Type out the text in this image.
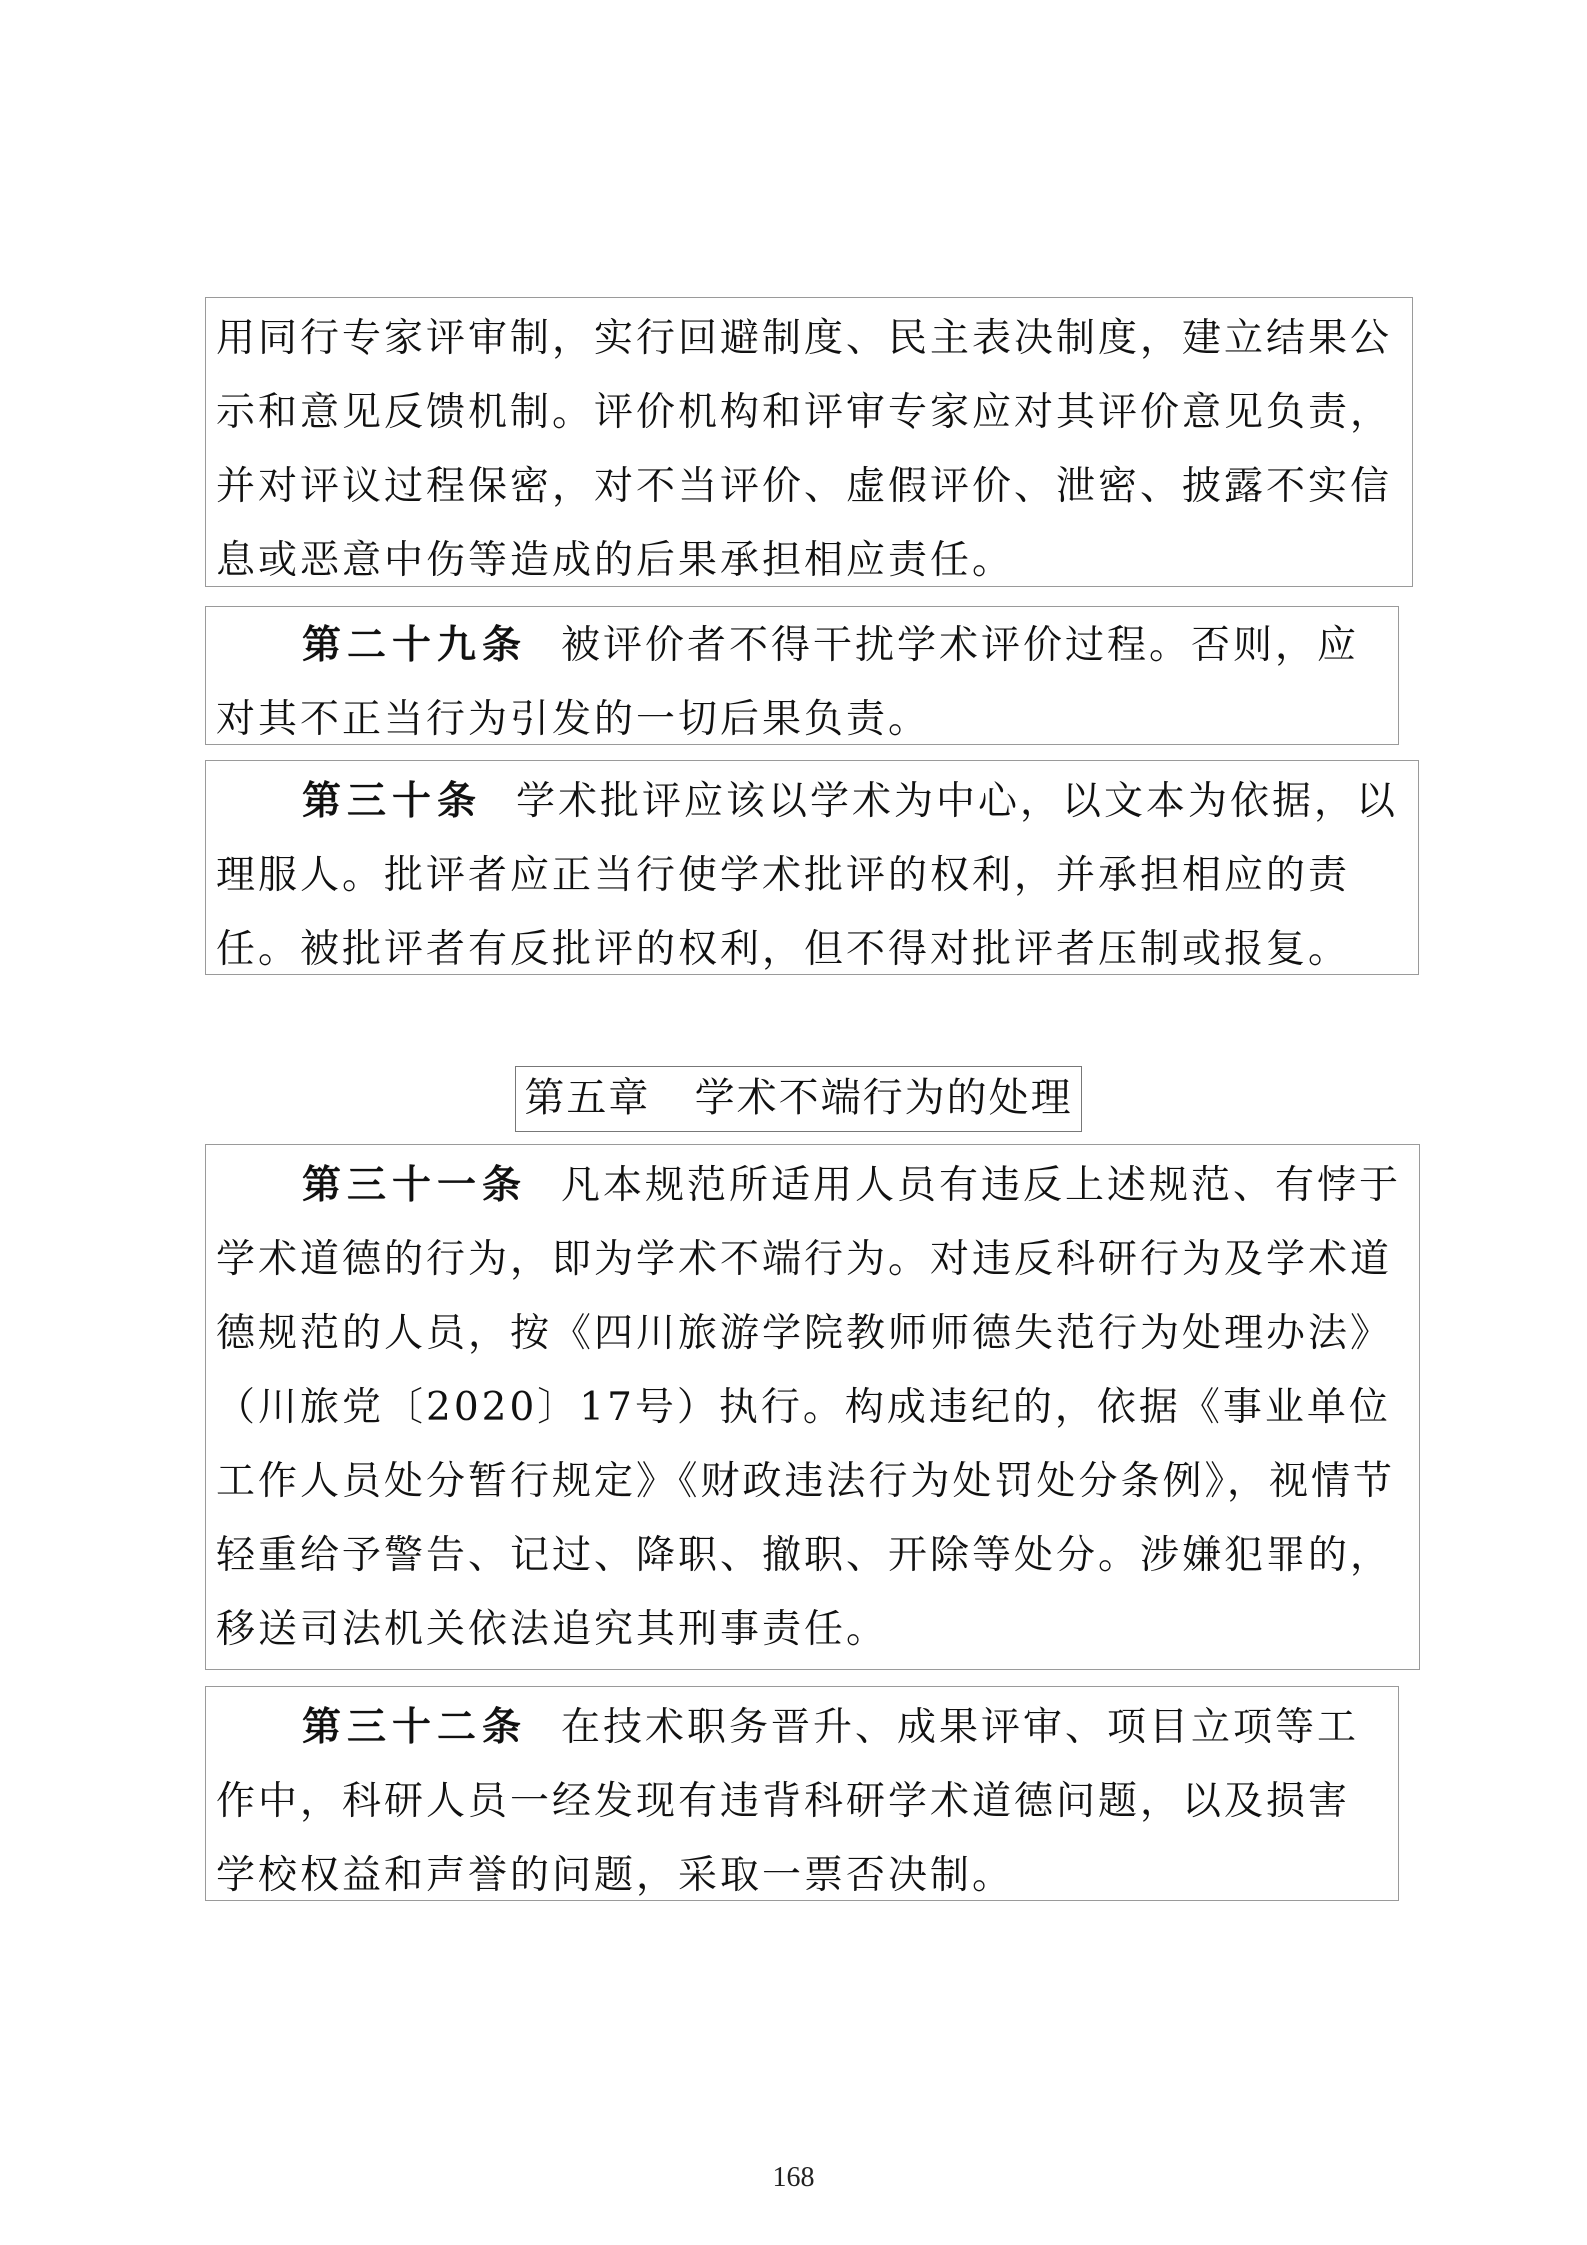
用同行专家评审制，实行回避制度、民主表决制度，建立结果公示和意见反馈机制。评价机构和评审专家应对其评价意见负责，并对评议过程保密，对不当评价、虚假评价、泄密、披露不实信息或恶意中伤等造成的后果承担相应责任。

第二十九条 被评价者不得干扰学术评价过程。否则，应对其不正当行为引发的一切后果负责。

第三十条 学术批评应该以学术为中心，以文本为依据，以理服人。批评者应正当行使学术批评的权利，并承担相应的责任。被批评者有反批评的权利，但不得对批评者压制或报复。

第五章   学术不端行为的处理

第三十一条 凡本规范所适用人员有违反上述规范、有悖于学术道德的行为，即为学术不端行为。对违反科研行为及学术道德规范的人员，按《四川旅游学院教师师德失范行为处理办法》（川旅党〔2020〕17号）执行。构成违纪的，依据《事业单位工作人员处分暂行规定》《财政违法行为处罚处分条例》，视情节轻重给予警告、记过、降职、撤职、开除等处分。涉嫌犯罪的，移送司法机关依法追究其刑事责任。

第三十二条 在技术职务晋升、成果评审、项目立项等工作中，科研人员一经发现有违背科研学术道德问题，以及损害学校权益和声誉的问题，采取一票否决制。

168
